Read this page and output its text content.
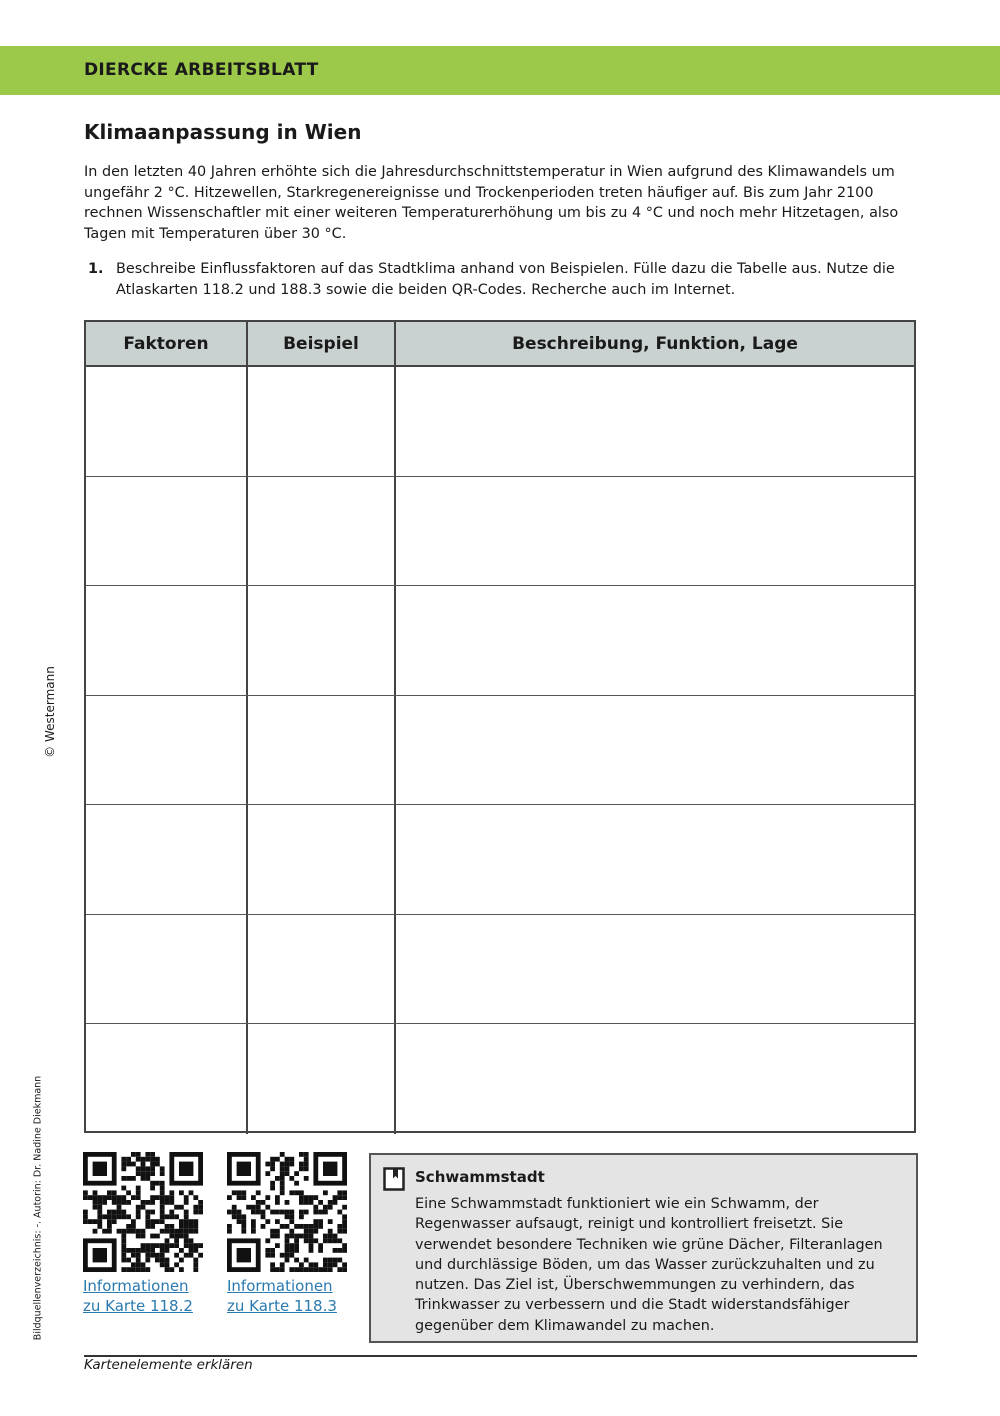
DIERCKE ARBEITSBLATT
Klimaanpassung in Wien

In den letzten 40 Jahren erhöhte sich die Jahresdurchschnittstemperatur in Wien aufgrund des Klimawandels um ungefähr 2 °C. Hitzewellen, Starkregenereignisse und Trockenperioden treten häufiger auf. Bis zum Jahr 2100 rechnen Wissenschaftler mit einer weiteren Temperaturerhöhung um bis zu 4 °C und noch mehr Hitzetagen, also Tagen mit Temperaturen über 30 °C.

1. Beschreibe Einflussfaktoren auf das Stadtklima anhand von Beispielen. Fülle dazu die Tabelle aus. Nutze die Atlaskarten 118.2 und 188.3 sowie die beiden QR-Codes. Recherche auch im Internet.
Faktoren	Beispiel	Beschreibung, Funktion, Lage
Informationen
zu Karte 118.2
Informationen
zu Karte 118.3
Schwammstadt
Eine Schwammstadt funktioniert wie ein Schwamm, der Regenwasser aufsaugt, reinigt und kontrolliert freisetzt. Sie verwendet besondere Techniken wie grüne Dächer, Filteranlagen und durchlässige Böden, um das Wasser zurückzuhalten und zu nutzen. Das Ziel ist, Überschwemmungen zu verhindern, das Trinkwasser zu verbessern und die Stadt widerstandsfähiger gegenüber dem Klimawandel zu machen.
Kartenelemente erklären
© Westermann
Bildquellenverzeichnis: -. Autorin: Dr. Nadine Diekmann
